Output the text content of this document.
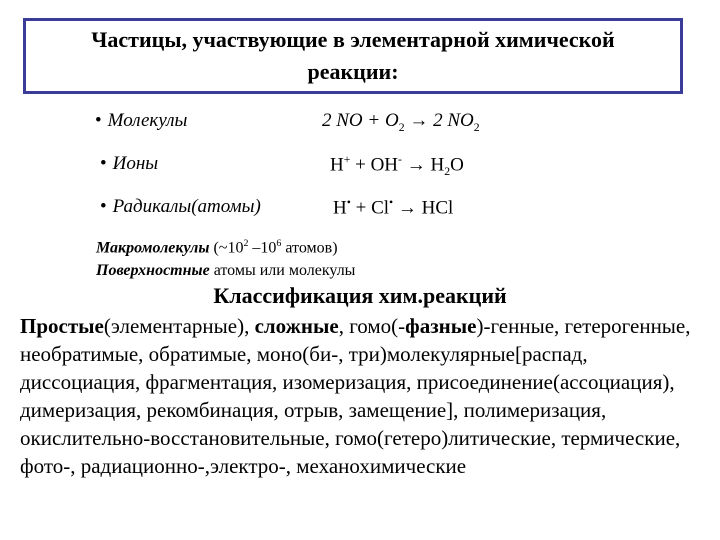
Частицы, участвующие в элементарной химической реакции:
• Молекулы	2 NO + $O_2 \to 2$ $NO_2$
• Ионы	$H^+ + OH^- \to H_2O$
• Радикалы(атомы)	H• + Cl• → HCl
Макромолекулы ($\sim 10^2$ $-10^6$ атомов)
Поверхностные атомы или молекулы
Классификация хим.реакций
Простые(элементарные), сложные, гомо(-фазные)-генные, гетерогенные, необратимые, обратимые, моно(би-, три)молекулярные[распад, диссоциация, фрагментация, изомеризация, присоединение(ассоциация), димеризация, рекомбинация, отрыв, замещение], полимеризация, окислительно-восстановительные, гомо(гетеро)литические, термические, фото-, радиационно-,электро-, механохимические
